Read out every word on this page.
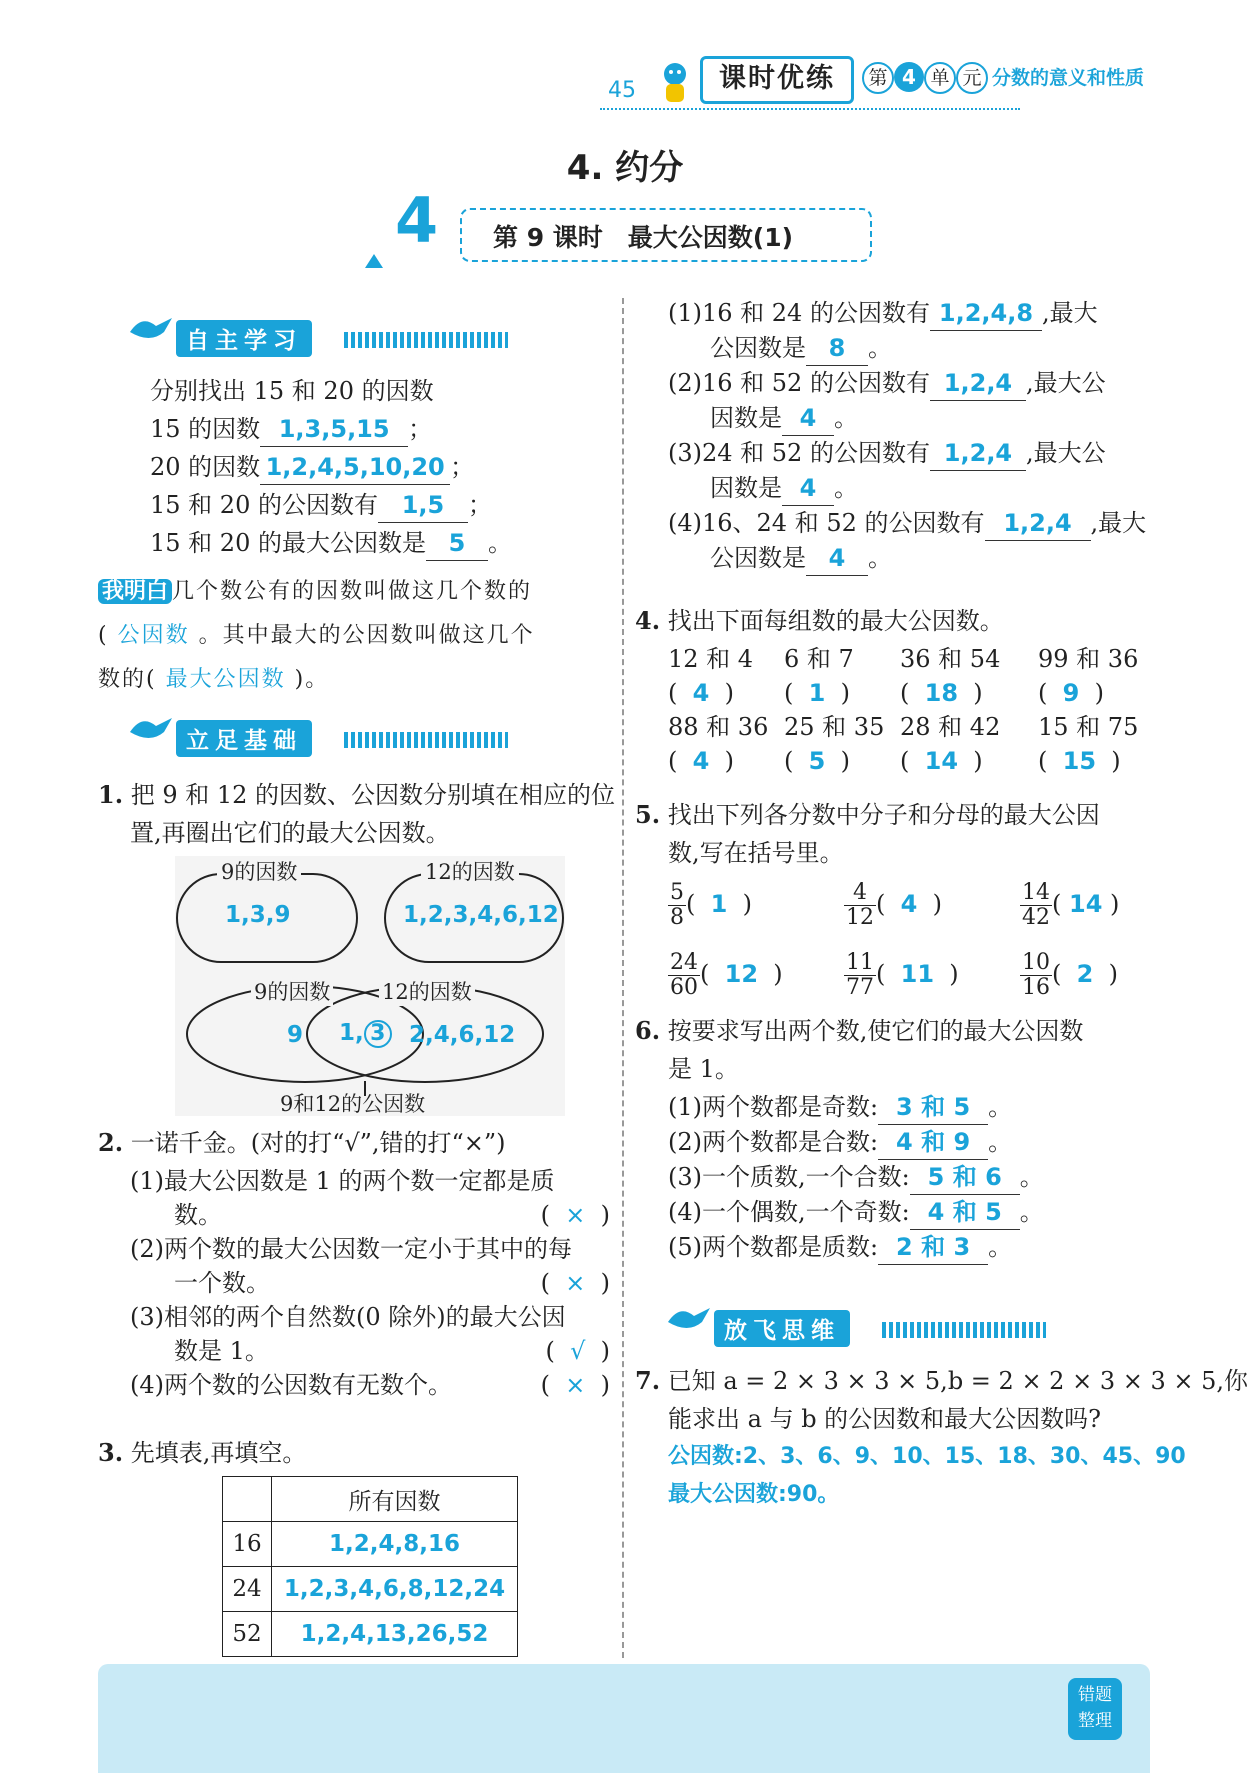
45	课时优练	第 4 单 元 分数的意义和性质
4. 约分
4 第 9 课时　最大公因数(1)
自主学习
分别找出 15 和 20 的因数
15 的因数 1,3,5,15 ；
20 的因数 1,2,4,5,10,20 ；
15 和 20 的公因数有 1,5 ；
15 和 20 的最大公因数是 5 。
我明白 几个数公有的因数叫做这几个数的
( 公因数 。其中最大的公因数叫做这几个
数的( 最大公因数 )。
立足基础
1. 把 9 和 12 的因数、公因数分别填在相应的位
置,再圈出它们的最大公因数。
9的因数
1,3,9
12的因数
1,2,3,4,6,12
9的因数 12的因数
9 1, 3 2,4,6,12
9和12的公因数
2. 一诺千金。(对的打“√”,错的打“×”)
(1)最大公因数是 1 的两个数一定都是质
数。	(  ×  )
(2)两个数的最大公因数一定小于其中的每
一个数。	(  ×  )
(3)相邻的两个自然数(0 除外)的最大公因
数是 1。	(  √  )
(4)两个数的公因数有无数个。	(  ×  )
3. 先填表,再填空。
	所有因数
16	1,2,4,8,16
24	1,2,3,4,6,8,12,24
52	1,2,4,13,26,52
(1)16 和 24 的公因数有 1,2,4,8 ,最大
公因数是 8 。
(2)16 和 52 的公因数有 1,2,4 ,最大公
因数是 4 。
(3)24 和 52 的公因数有 1,2,4 ,最大公
因数是 4 。
(4)16、24 和 52 的公因数有 1,2,4 ,最大
公因数是 4 。
4. 找出下面每组数的最大公因数。
12 和 4	6 和 7	36 和 54	99 和 36
(  4  )	(  1  )	(  18  )	(  9  )
88 和 36 25 和 35 28 和 42	15 和 75
(  4  )	(  5  )	(  14  )	(  15  )
5. 找出下列各分数中分子和分母的最大公因
数,写在括号里。
$\frac{5}{8}$ (  1  )	$\frac{4}{12}$ (  4  )	$\frac{14}{42}$ ( 14 )
$\frac{24}{60}$ (  12  )	$\frac{11}{77}$ (  11  )	$\frac{10}{16}$ (  2  )
6. 按要求写出两个数,使它们的最大公因数
是 1。
(1)两个数都是奇数: 3 和 5 。
(2)两个数都是合数: 4 和 9 。
(3)一个质数,一个合数: 5 和 6 。
(4)一个偶数,一个奇数: 4 和 5 。
(5)两个数都是质数: 2 和 3 。
放飞思维
7. 已知 a = 2 × 3 × 3 × 5,b = 2 × 2 × 3 × 3 × 5,你
能求出 a 与 b 的公因数和最大公因数吗?
公因数:2、3、6、9、10、15、18、30、45、90
最大公因数:90。
错题
整理
